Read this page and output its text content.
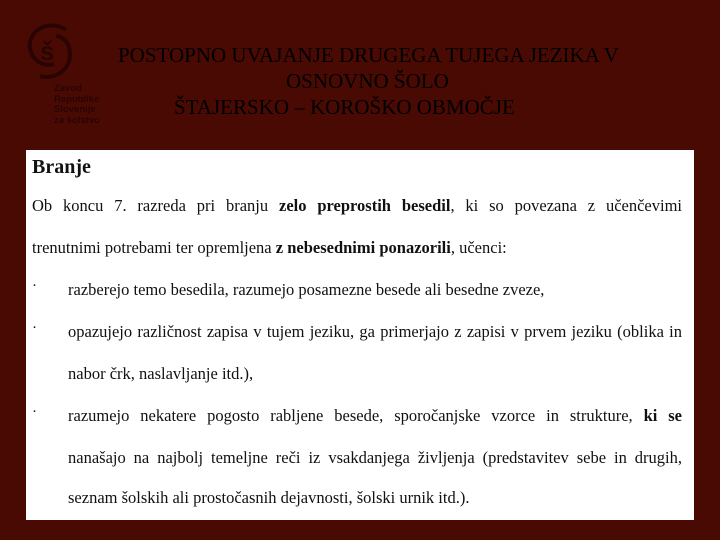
š
Zavod
Republike
Slovenije
za šolstvo
POSTOPNO UVAJANJE DRUGEGA TUJEGA JEZIKA V
OSNOVNO ŠOLO
ŠTAJERSKO – KOROŠKO OBMOČJE
Branje
Ob koncu 7. razreda pri branju zelo preprostih besedil, ki so povezana z učenčevimi
trenutnimi potrebami ter opremljena z nebesednimi ponazorili, učenci:
· razberejo temo besedila, razumejo posamezne besede ali besedne zveze,
· opazujejo različnost zapisa v tujem jeziku, ga primerjajo z zapisi v prvem jeziku (oblika in
nabor črk, naslavljanje itd.),
· razumejo nekatere pogosto rabljene besede, sporočanjske vzorce in strukture, ki se
nanašajo na najbolj temeljne reči iz vsakdanjega življenja (predstavitev sebe in drugih,
seznam šolskih ali prostočasnih dejavnosti, šolski urnik itd.).
